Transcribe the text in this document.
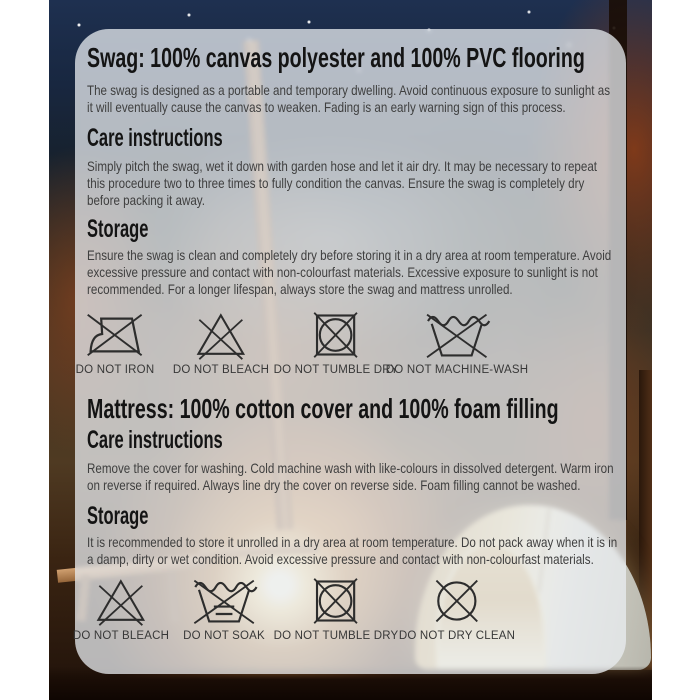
Swag: 100% canvas polyester and 100% PVC flooring
The swag is designed as a portable and temporary dwelling. Avoid continuous exposure to sunlight as it will eventually cause the canvas to weaken. Fading is an early warning sign of this process.
Care instructions
Simply pitch the swag, wet it down with garden hose and let it air dry. It may be necessary to repeat this procedure two to three times to fully condition the canvas. Ensure the swag is completely dry before packing it away.
Storage
Ensure the swag is clean and completely dry before storing it in a dry area at room temperature. Avoid excessive pressure and contact with non-colourfast materials. Excessive exposure to sunlight is not recommended. For a longer lifespan, always store the swag and mattress unrolled.
DO NOT IRON DO NOT BLEACH DO NOT TUMBLE DRY
DO NOT MACHINE-WASH
Mattress: 100% cotton cover and 100% foam filling
Care instructions
Remove the cover for washing. Cold machine wash with like-colours in dissolved detergent. Warm iron on reverse if required. Always line dry the cover on reverse side. Foam filling cannot be washed.
Storage
It is recommended to store it unrolled in a dry area at room temperature. Do not pack away when it is in a damp, dirty or wet condition. Avoid excessive pressure and contact with non-colourfast materials.
DO NOT BLEACH DO NOT SOAK DO NOT TUMBLE DRY DO NOT DRY CLEAN
